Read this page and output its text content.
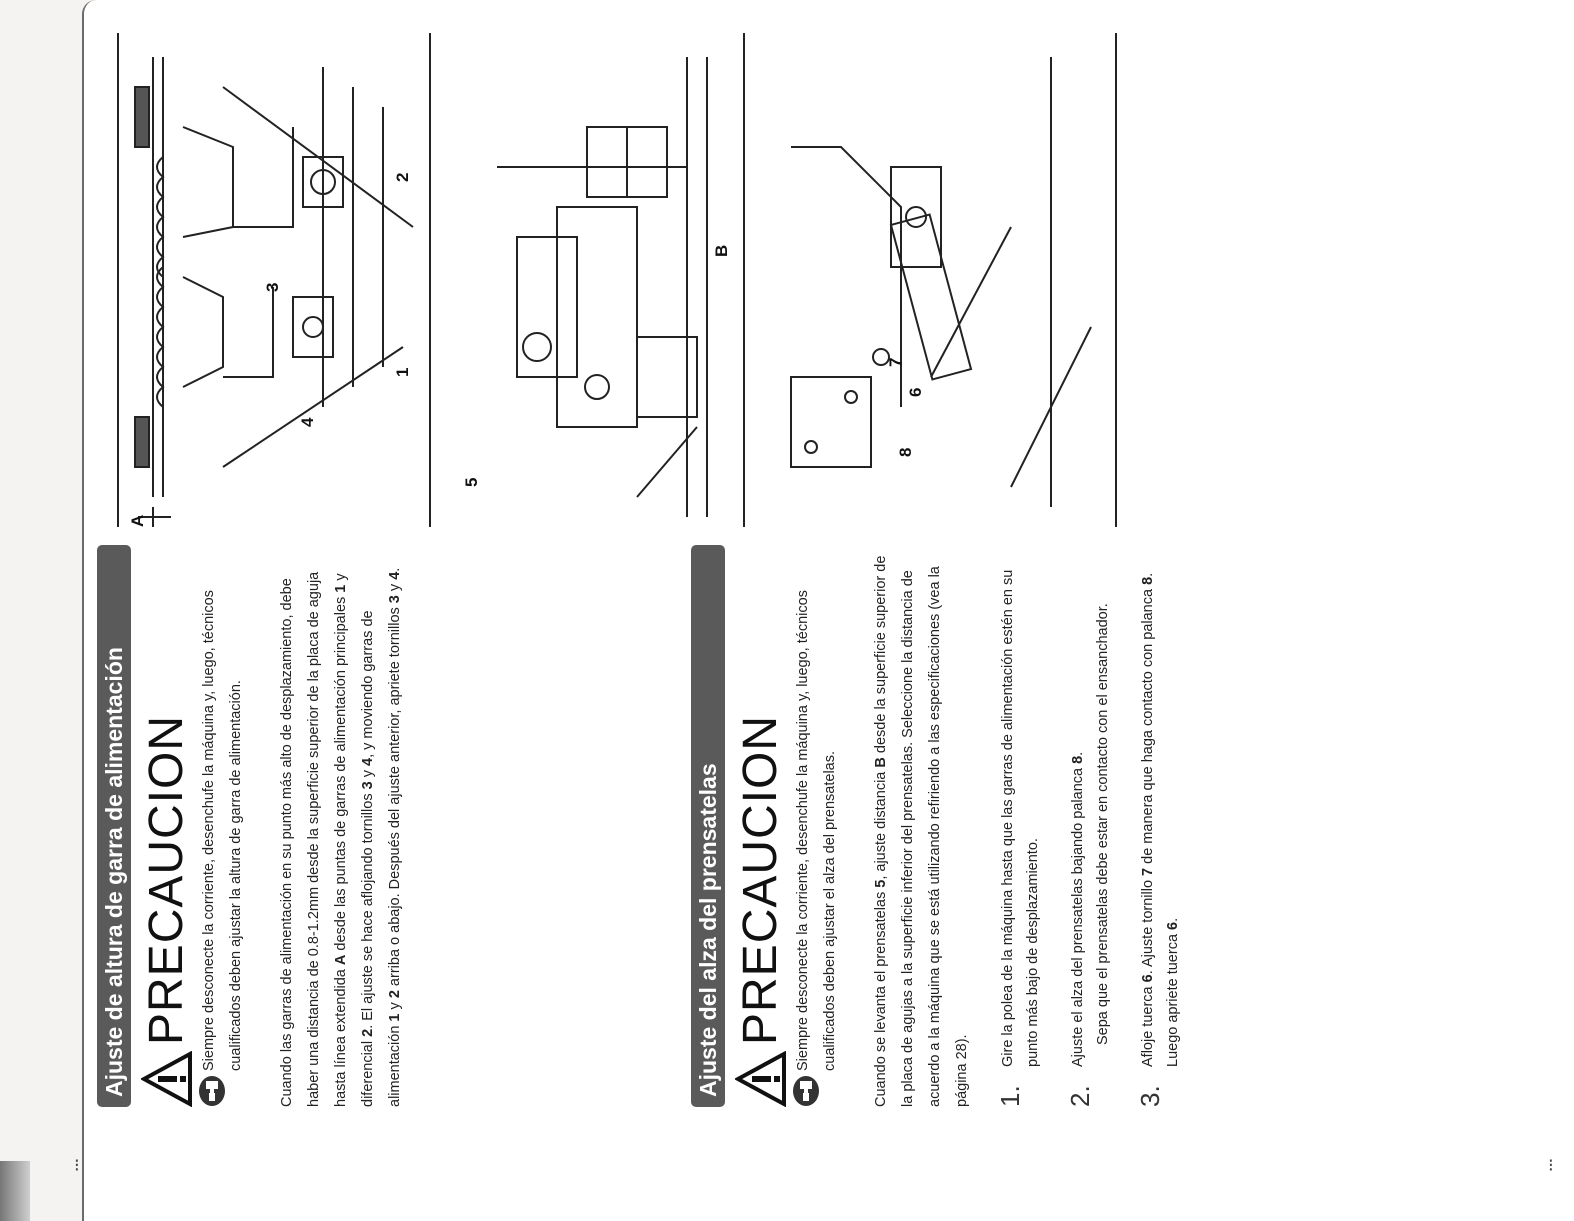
⁝	⁝
Ajuste de altura de garra de alimentación PRECAUCION Siempre desconecte la corriente, desenchufe la máquina y, luego, técnicos cualificados deben ajustar la altura de garra de alimentación.	Cuando las garras de alimentación en su punto más alto de desplazamiento, debe haber una distancia de 0.8-1.2mm desde la superficie superior de la placa de aguja hasta línea extendida A desde las puntas de garras de alimentación principales 1 y diferencial 2. El ajuste se hace aflojando tornillos 3 y 4, y moviendo garras de alimentación 1 y 2 arriba o abajo. Después del ajuste anterior, apriete tornillos 3 y 4.
Ajuste del alza del prensatelas PRECAUCION Siempre desconecte la corriente, desenchufe la máquina y, luego, técnicos cualificados deben ajustar el alza del prensatelas.	Cuando se levanta el prensatelas 5, ajuste distancia B desde la superficie superior de la placa de agujas a la superficie inferior del prensatelas. Seleccione la distancia de acuerdo a la máquina que se está utilizando refiriendo a las especificaciones (vea la página 28). 1.
Gire la polea de la máquina hasta que las garras de alimentación estén en su punto más bajo de desplazamiento.
2.
Ajuste el alza del prensatelas bajando palanca 8. Sepa que el prensatelas debe estar en contacto con el ensanchador.
3.
Afloje tuerca 6. Ajuste tornillo 7 de manera que haga contacto con palanca 8. Luego apriete tuerca 6.
A
1
2
3
4
B
5
6
7
8
